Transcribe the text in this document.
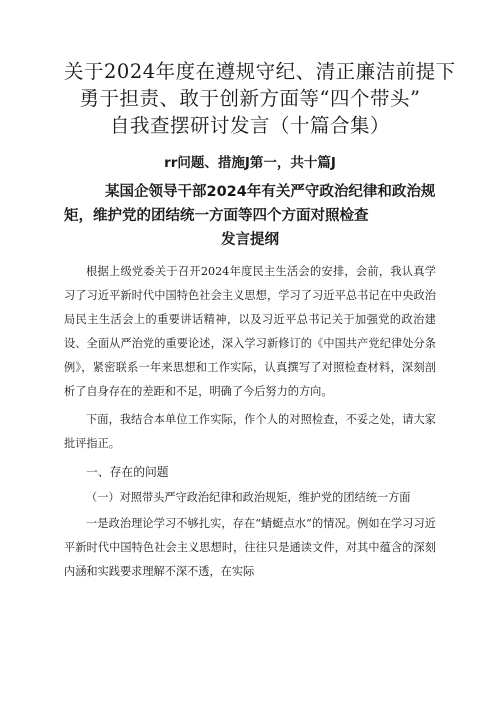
关于2024年度在遵规守纪、清正廉洁前提下
勇于担责、敢于创新方面等“四个带头”
自我查摆研讨发言（十篇合集）
rr问题、措施J第一，共十篇J
某国企领导干部2024年有关严守政治纪律和政治规
矩，维护党的团结统一方面等四个方面对照检查
发言提纲

根据上级党委关于召开2024年度民主生活会的安排，会前，我认真学习了习近平新时代中国特色社会主义思想，学习了习近平总书记在中央政治局民主生活会上的重要讲话精神，以及习近平总书记关于加强党的政治建设、全面从严治党的重要论述，深入学习新修订的《中国共产党纪律处分条例》，紧密联系一年来思想和工作实际，认真撰写了对照检查材料，深刻剖析了自身存在的差距和不足，明确了今后努力的方向。

下面，我结合本单位工作实际，作个人的对照检查，不妥之处，请大家批评指正。

一、存在的问题
（一）对照带头严守政治纪律和政治规矩，维护党的团结统一方面

一是政治理论学习不够扎实，存在“蜻蜓点水”的情况。例如在学习习近平新时代中国特色社会主义思想时，往往只是通读文件，对其中蕴含的深刻内涵和实践要求理解不深不透，在实际
